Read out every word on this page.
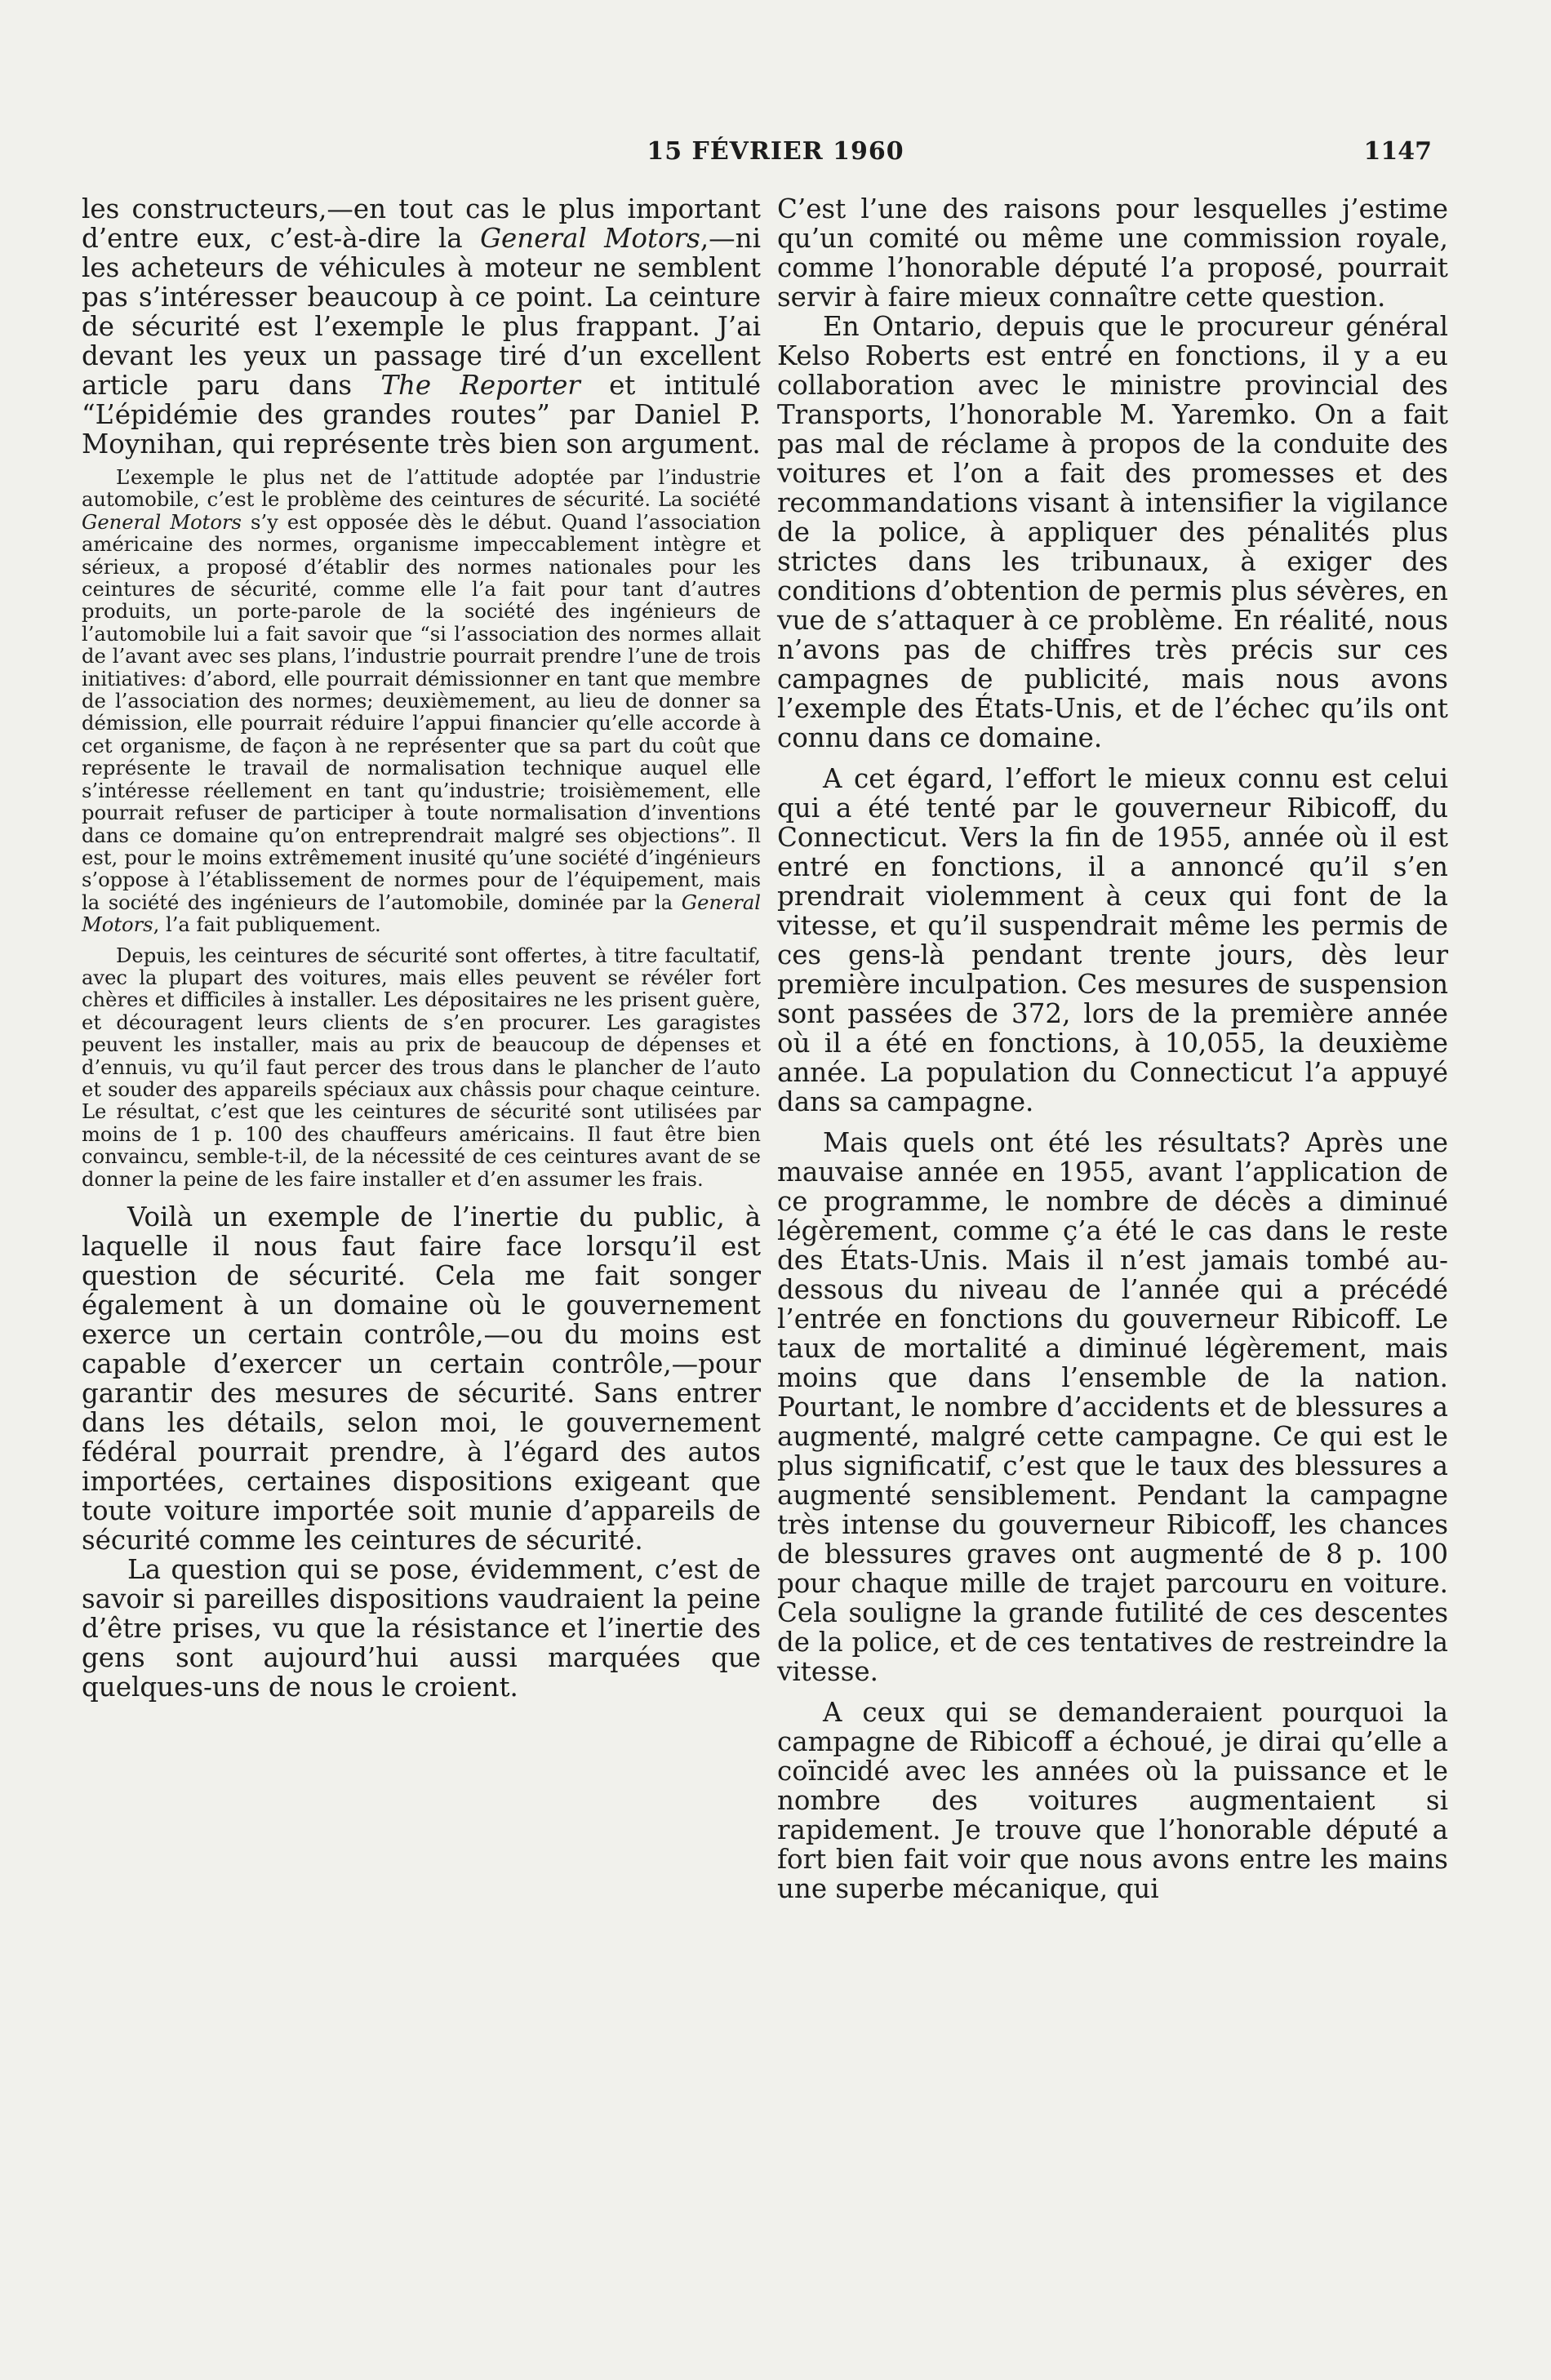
15 FÉVRIER 1960	1147

les constructeurs,—en tout cas le plus important d’entre eux, c’est-à-dire la General Motors,—ni les acheteurs de véhicules à moteur ne semblent pas s’intéresser beaucoup à ce point. La ceinture de sécurité est l’exemple le plus frappant. J’ai devant les yeux un passage tiré d’un excellent article paru dans The Reporter et intitulé “L’épidémie des grandes routes” par Daniel P. Moynihan, qui représente très bien son argument.

L’exemple le plus net de l’attitude adoptée par l’industrie automobile, c’est le problème des ceintures de sécurité. La société General Motors s’y est opposée dès le début. Quand l’association américaine des normes, organisme impeccablement intègre et sérieux, a proposé d’établir des normes nationales pour les ceintures de sécurité, comme elle l’a fait pour tant d’autres produits, un porte-parole de la société des ingénieurs de l’automobile lui a fait savoir que “si l’association des normes allait de l’avant avec ses plans, l’industrie pourrait prendre l’une de trois initiatives: d’abord, elle pourrait démissionner en tant que membre de l’association des normes; deuxièmement, au lieu de donner sa démission, elle pourrait réduire l’appui financier qu’elle accorde à cet organisme, de façon à ne représenter que sa part du coût que représente le travail de normalisation technique auquel elle s’intéresse réellement en tant qu’industrie; troisièmement, elle pourrait refuser de participer à toute normalisation d’inventions dans ce domaine qu’on entreprendrait malgré ses objections”. Il est, pour le moins extrêmement inusité qu’une société d’ingénieurs s’oppose à l’établissement de normes pour de l’équipement, mais la société des ingénieurs de l’automobile, dominée par la General Motors, l’a fait publiquement.

Depuis, les ceintures de sécurité sont offertes, à titre facultatif, avec la plupart des voitures, mais elles peuvent se révéler fort chères et difficiles à installer. Les dépositaires ne les prisent guère, et découragent leurs clients de s’en procurer. Les garagistes peuvent les installer, mais au prix de beaucoup de dépenses et d’ennuis, vu qu’il faut percer des trous dans le plancher de l’auto et souder des appareils spéciaux aux châssis pour chaque ceinture. Le résultat, c’est que les ceintures de sécurité sont utilisées par moins de 1 p. 100 des chauffeurs américains. Il faut être bien convaincu, semble-t-il, de la nécessité de ces ceintures avant de se donner la peine de les faire installer et d’en assumer les frais.

Voilà un exemple de l’inertie du public, à laquelle il nous faut faire face lorsqu’il est question de sécurité. Cela me fait songer également à un domaine où le gouvernement exerce un certain contrôle,—ou du moins est capable d’exercer un certain contrôle,—pour garantir des mesures de sécurité. Sans entrer dans les détails, selon moi, le gouvernement fédéral pourrait prendre, à l’égard des autos importées, certaines dispositions exigeant que toute voiture importée soit munie d’appareils de sécurité comme les ceintures de sécurité.

La question qui se pose, évidemment, c’est de savoir si pareilles dispositions vaudraient la peine d’être prises, vu que la résistance et l’inertie des gens sont aujourd’hui aussi marquées que quelques-uns de nous le croient.

C’est l’une des raisons pour lesquelles j’estime qu’un comité ou même une commission royale, comme l’honorable député l’a proposé, pourrait servir à faire mieux connaître cette question.

En Ontario, depuis que le procureur général Kelso Roberts est entré en fonctions, il y a eu collaboration avec le ministre provincial des Transports, l’honorable M. Yaremko. On a fait pas mal de réclame à propos de la conduite des voitures et l’on a fait des promesses et des recommandations visant à intensifier la vigilance de la police, à appliquer des pénalités plus strictes dans les tribunaux, à exiger des conditions d’obtention de permis plus sévères, en vue de s’attaquer à ce problème. En réalité, nous n’avons pas de chiffres très précis sur ces campagnes de publicité, mais nous avons l’exemple des États-Unis, et de l’échec qu’ils ont connu dans ce domaine.

A cet égard, l’effort le mieux connu est celui qui a été tenté par le gouverneur Ribicoff, du Connecticut. Vers la fin de 1955, année où il est entré en fonctions, il a annoncé qu’il s’en prendrait violemment à ceux qui font de la vitesse, et qu’il suspendrait même les permis de ces gens-là pendant trente jours, dès leur première inculpation. Ces mesures de suspension sont passées de 372, lors de la première année où il a été en fonctions, à 10,055, la deuxième année. La population du Connecticut l’a appuyé dans sa campagne.

Mais quels ont été les résultats? Après une mauvaise année en 1955, avant l’application de ce programme, le nombre de décès a diminué légèrement, comme ç’a été le cas dans le reste des États-Unis. Mais il n’est jamais tombé au-dessous du niveau de l’année qui a précédé l’entrée en fonctions du gouverneur Ribicoff. Le taux de mortalité a diminué légèrement, mais moins que dans l’ensemble de la nation. Pourtant, le nombre d’accidents et de blessures a augmenté, malgré cette campagne. Ce qui est le plus significatif, c’est que le taux des blessures a augmenté sensiblement. Pendant la campagne très intense du gouverneur Ribicoff, les chances de blessures graves ont augmenté de 8 p. 100 pour chaque mille de trajet parcouru en voiture. Cela souligne la grande futilité de ces descentes de la police, et de ces tentatives de restreindre la vitesse.

A ceux qui se demanderaient pourquoi la campagne de Ribicoff a échoué, je dirai qu’elle a coïncidé avec les années où la puissance et le nombre des voitures augmentaient si rapidement. Je trouve que l’honorable député a fort bien fait voir que nous avons entre les mains une superbe mécanique, qui
